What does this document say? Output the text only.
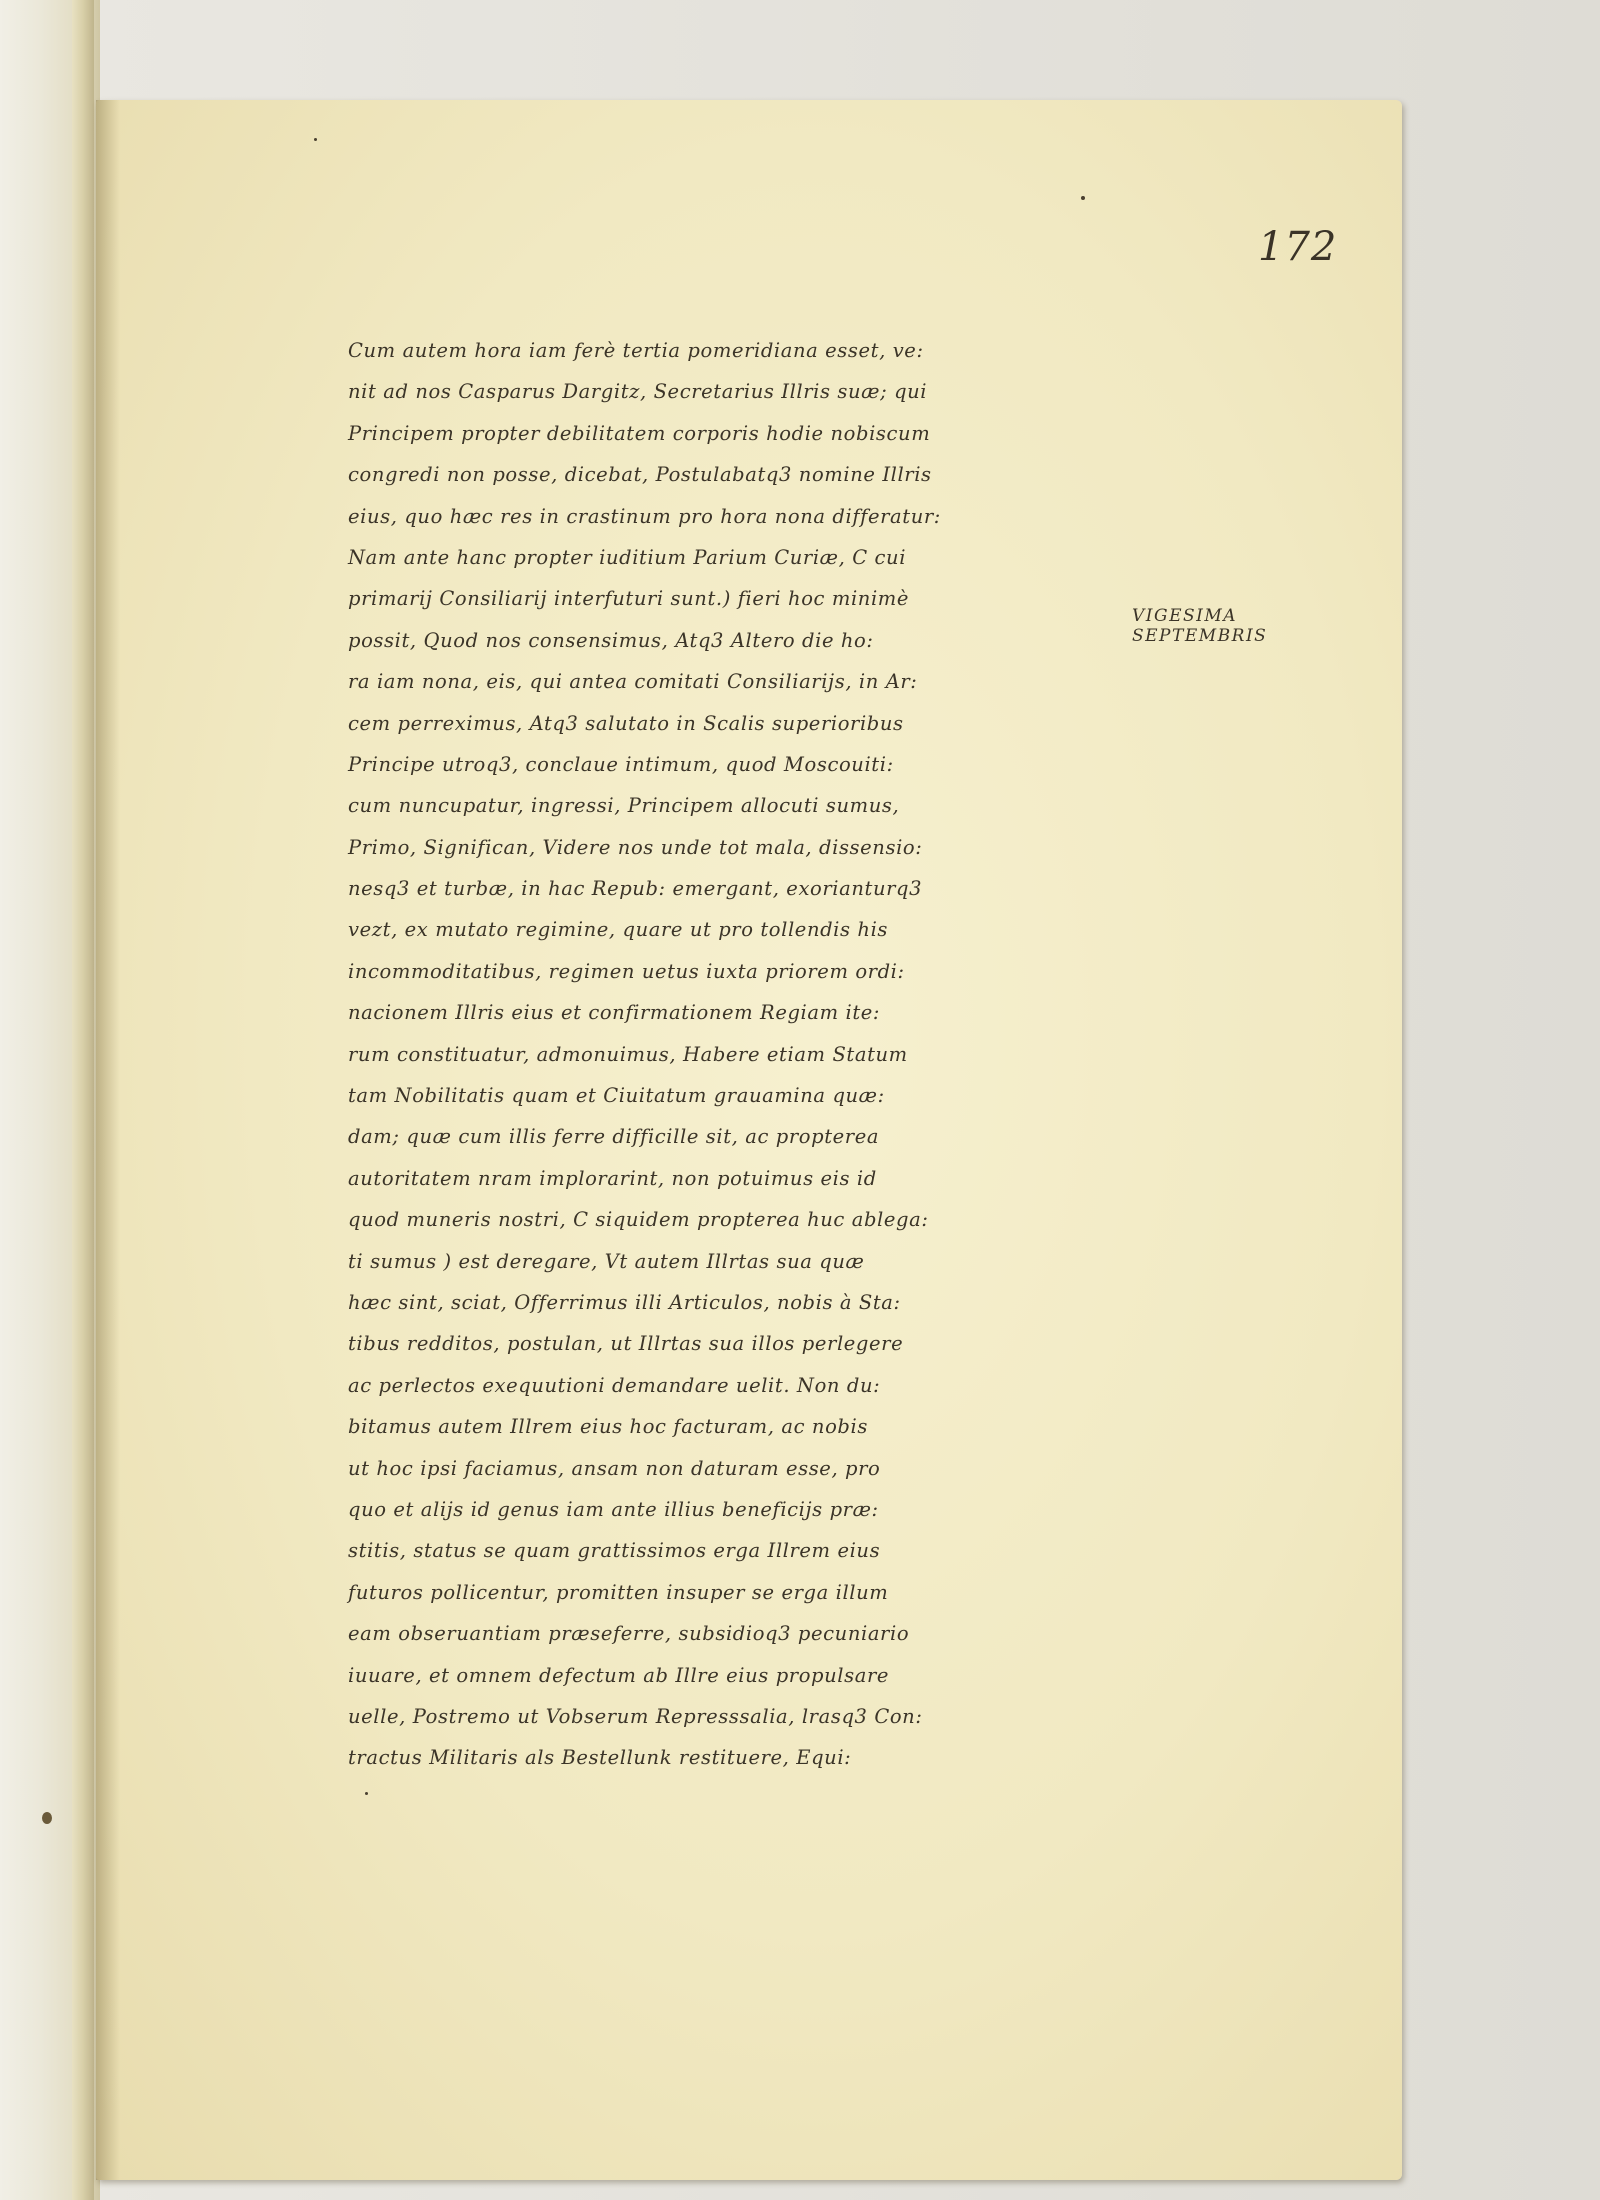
172
VIGESIMA
SEPTEMBRIS
Cum autem hora iam ferè tertia pomeridiana esset, ve:
nit ad nos Casparus Dargitz, Secretarius Illris suæ; qui
Principem propter debilitatem corporis hodie nobiscum
congredi non posse, dicebat, Postulabatq3 nomine Illris
eius, quo hæc res in crastinum pro hora nona differatur:
Nam ante hanc propter iuditium Parium Curiæ, C cui
primarij Consiliarij interfuturi sunt.) fieri hoc minimè
possit, Quod nos consensimus, Atq3 Altero die ho:
ra iam nona, eis, qui antea comitati Consiliarijs, in Ar:
cem perreximus, Atq3 salutato in Scalis superioribus
Principe utroq3, conclaue intimum, quod Moscouiti:
cum nuncupatur, ingressi, Principem allocuti sumus,
Primo, Significan, Videre nos unde tot mala, dissensio:
nesq3 et turbæ, in hac Repub: emergant, exorianturq3
vezt, ex mutato regimine, quare ut pro tollendis his
incommoditatibus, regimen uetus iuxta priorem ordi:
nacionem Illris eius et confirmationem Regiam ite:
rum constituatur, admonuimus, Habere etiam Statum
tam Nobilitatis quam et Ciuitatum grauamina quæ:
dam; quæ cum illis ferre difficille sit, ac propterea
autoritatem nram implorarint, non potuimus eis id
quod muneris nostri, C siquidem propterea huc ablega:
ti sumus ) est deregare, Vt autem Illrtas sua quæ
hæc sint, sciat, Offerrimus illi Articulos, nobis à Sta:
tibus redditos, postulan, ut Illrtas sua illos perlegere
ac perlectos exequutioni demandare uelit. Non du:
bitamus autem Illrem eius hoc facturam, ac nobis
ut hoc ipsi faciamus, ansam non daturam esse, pro
quo et alijs id genus iam ante illius beneficijs præ:
stitis, status se quam grattissimos erga Illrem eius
futuros pollicentur, promitten insuper se erga illum
eam obseruantiam præseferre, subsidioq3 pecuniario
iuuare, et omnem defectum ab Illre eius propulsare
uelle, Postremo ut Vobserum Represssalia, lrasq3 Con:
tractus Militaris als Bestellunk restituere, Equi:
